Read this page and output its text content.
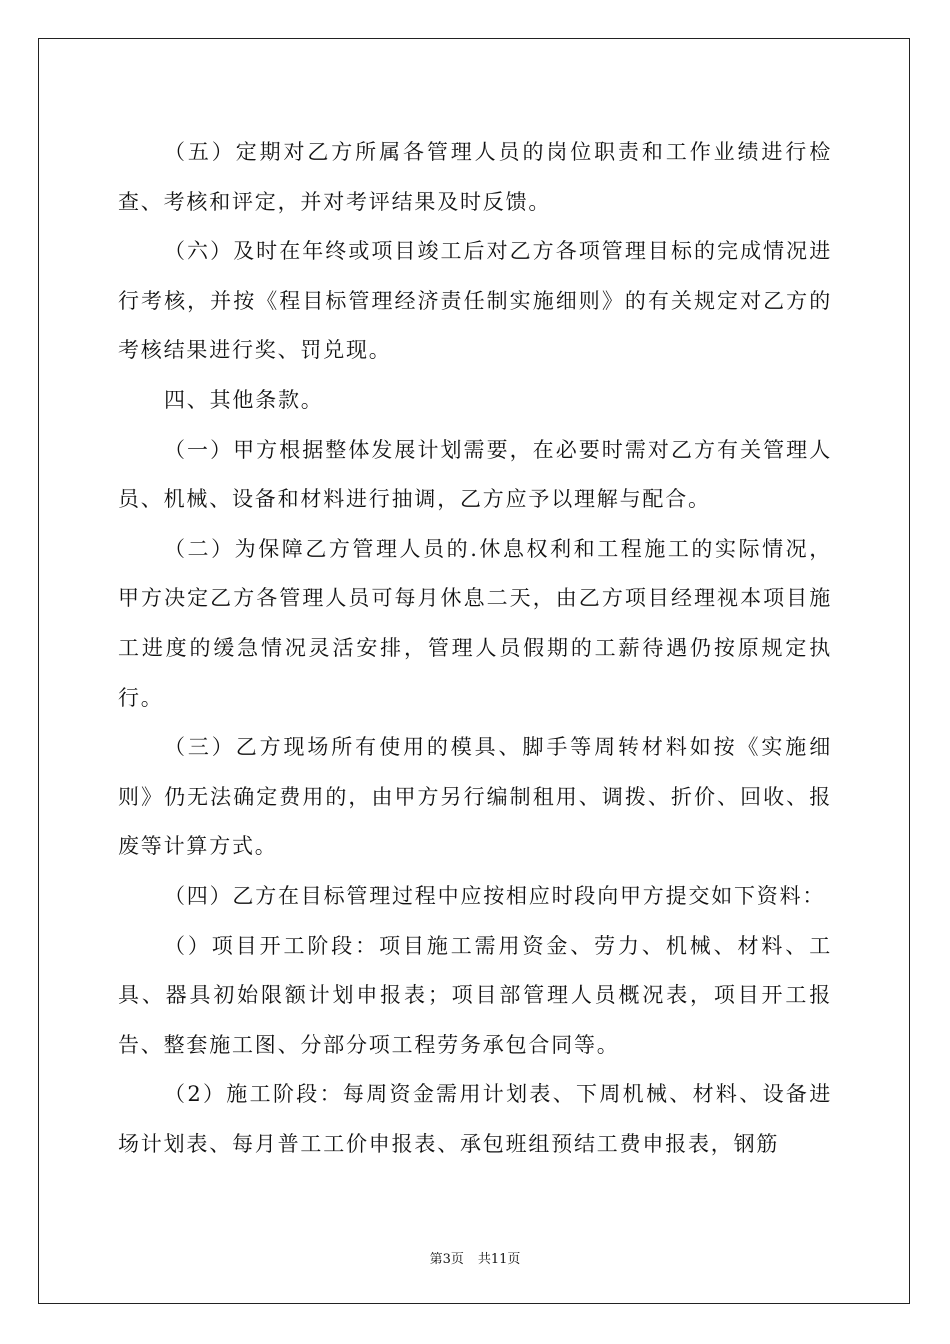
（五）定期对乙方所属各管理人员的岗位职责和工作业绩进行检查、考核和评定，并对考评结果及时反馈。

（六）及时在年终或项目竣工后对乙方各项管理目标的完成情况进行考核，并按《程目标管理经济责任制实施细则》的有关规定对乙方的考核结果进行奖、罚兑现。

四、其他条款。

（一）甲方根据整体发展计划需要，在必要时需对乙方有关管理人员、机械、设备和材料进行抽调，乙方应予以理解与配合。

（二）为保障乙方管理人员的.休息权利和工程施工的实际情况，甲方决定乙方各管理人员可每月休息二天，由乙方项目经理视本项目施工进度的缓急情况灵活安排，管理人员假期的工薪待遇仍按原规定执行。

（三）乙方现场所有使用的模具、脚手等周转材料如按《实施细则》仍无法确定费用的，由甲方另行编制租用、调拨、折价、回收、报废等计算方式。

（四）乙方在目标管理过程中应按相应时段向甲方提交如下资料：

（）项目开工阶段：项目施工需用资金、劳力、机械、材料、工具、器具初始限额计划申报表；项目部管理人员概况表，项目开工报告、整套施工图、分部分项工程劳务承包合同等。

（2）施工阶段：每周资金需用计划表、下周机械、材料、设备进场计划表、每月普工工价申报表、承包班组预结工费申报表，钢筋

第3页 共11页
